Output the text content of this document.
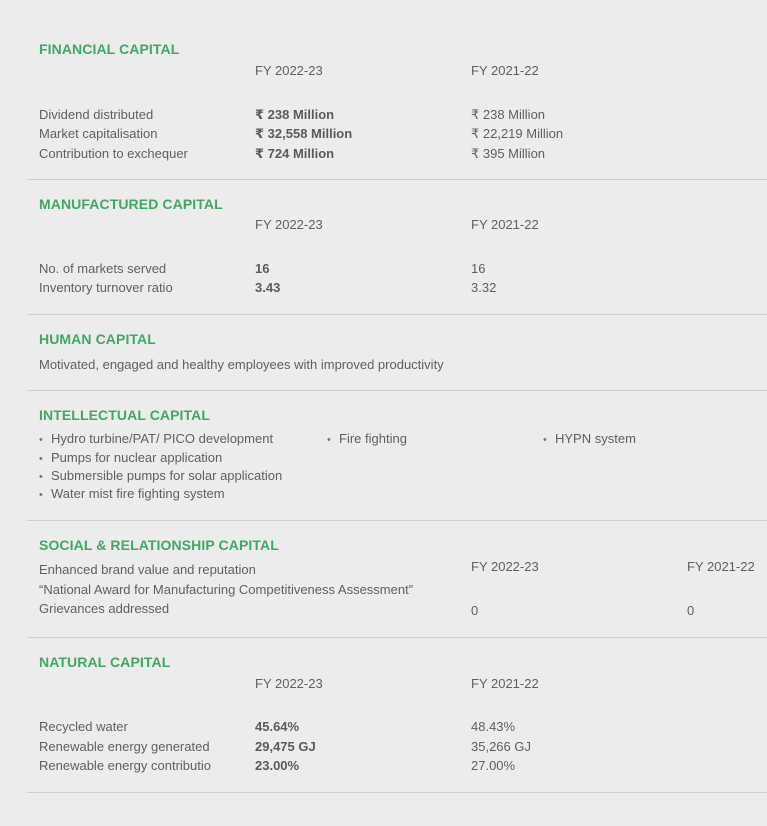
FINANCIAL CAPITAL
FY 2022-23	FY 2021-22
Dividend distributed	₹ 238 Million	₹ 238 Million
Market capitalisation	₹ 32,558 Million	₹ 22,219 Million
Contribution to exchequer	₹ 724 Million	₹ 395 Million
MANUFACTURED CAPITAL
FY 2022-23	FY 2021-22
No. of markets served	16	16
Inventory turnover ratio	3.43	3.32
HUMAN CAPITAL
Motivated, engaged and healthy employees with improved productivity
INTELLECTUAL CAPITAL
• Hydro turbine/PAT/ PICO development	• Fire fighting	• HYPN system
• Pumps for nuclear application
• Submersible pumps for solar application
• Water mist fire fighting system
SOCIAL & RELATIONSHIP CAPITAL
Enhanced brand value and reputation
“National Award for Manufacturing Competitiveness Assessment”
FY 2022-23	FY 2021-22
Grievances addressed	0	0
NATURAL CAPITAL
FY 2022-23	FY 2021-22
Recycled water	45.64%	48.43%
Renewable energy generated	29,475 GJ	35,266 GJ
Renewable energy contributio	23.00%	27.00%
